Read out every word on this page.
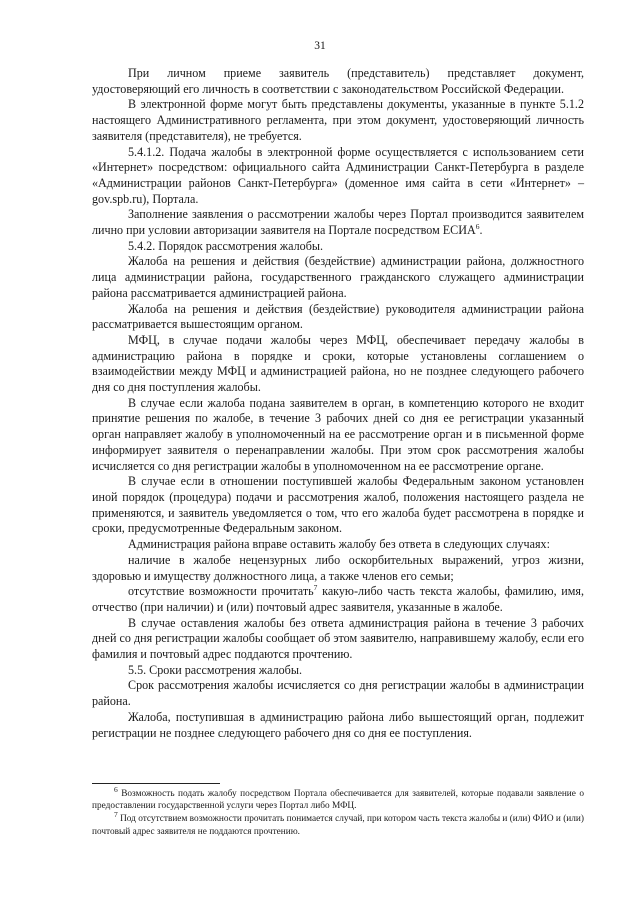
31

При личном приеме заявитель (представитель) представляет документ, удостоверяющий его личность в соответствии с законодательством Российской Федерации.

В электронной форме могут быть представлены документы, указанные в пункте 5.1.2 настоящего Административного регламента, при этом документ, удостоверяющий личность заявителя (представителя), не требуется.

5.4.1.2. Подача жалобы в электронной форме осуществляется с использованием сети «Интернет» посредством: официального сайта Администрации Санкт-Петербурга в разделе «Администрации районов Санкт-Петербурга» (доменное имя сайта в сети «Интернет» – gov.spb.ru), Портала.

Заполнение заявления о рассмотрении жалобы через Портал производится заявителем лично при условии авторизации заявителя на Портале посредством ЕСИА$^6$.

5.4.2. Порядок рассмотрения жалобы.

Жалоба на решения и действия (бездействие) администрации района, должностного лица администрации района, государственного гражданского служащего администрации района рассматривается администрацией района.

Жалоба на решения и действия (бездействие) руководителя администрации района рассматривается вышестоящим органом.

МФЦ, в случае подачи жалобы через МФЦ, обеспечивает передачу жалобы в администрацию района в порядке и сроки, которые установлены соглашением о взаимодействии между МФЦ и администрацией района, но не позднее следующего рабочего дня со дня поступления жалобы.

В случае если жалоба подана заявителем в орган, в компетенцию которого не входит принятие решения по жалобе, в течение 3 рабочих дней со дня ее регистрации указанный орган направляет жалобу в уполномоченный на ее рассмотрение орган и в письменной форме информирует заявителя о перенаправлении жалобы. При этом срок рассмотрения жалобы исчисляется со дня регистрации жалобы в уполномоченном на ее рассмотрение органе.

В случае если в отношении поступившей жалобы Федеральным законом установлен иной порядок (процедура) подачи и рассмотрения жалоб, положения настоящего раздела не применяются, и заявитель уведомляется о том, что его жалоба будет рассмотрена в порядке и сроки, предусмотренные Федеральным законом.

Администрация района вправе оставить жалобу без ответа в следующих случаях:

наличие в жалобе нецензурных либо оскорбительных выражений, угроз жизни, здоровью и имуществу должностного лица, а также членов его семьи;

отсутствие возможности прочитать$^7$ какую-либо часть текста жалобы, фамилию, имя, отчество (при наличии) и (или) почтовый адрес заявителя, указанные в жалобе.

В случае оставления жалобы без ответа администрация района в течение 3 рабочих дней со дня регистрации жалобы сообщает об этом заявителю, направившему жалобу, если его фамилия и почтовый адрес поддаются прочтению.

5.5. Сроки рассмотрения жалобы.

Срок рассмотрения жалобы исчисляется со дня регистрации жалобы в администрации района.

Жалоба, поступившая в администрацию района либо вышестоящий орган, подлежит регистрации не позднее следующего рабочего дня со дня ее поступления.

$^6$ Возможность подать жалобу посредством Портала обеспечивается для заявителей, которые подавали заявление о предоставлении государственной услуги через Портал либо МФЦ.

$^7$ Под отсутствием возможности прочитать понимается случай, при котором часть текста жалобы и (или) ФИО и (или) почтовый адрес заявителя не поддаются прочтению.
